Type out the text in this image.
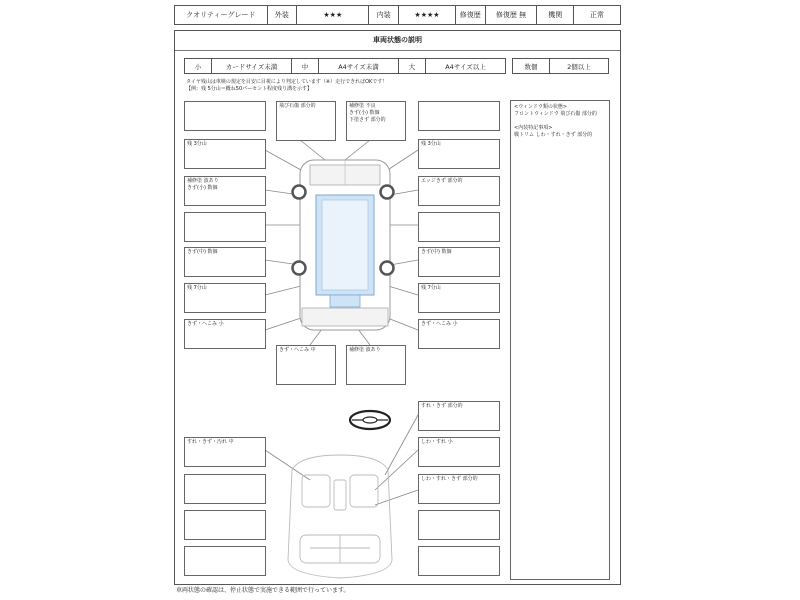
クオリティーグレード	外装	★★★	内装	★★★★	修復歴	修復歴 無	機関	正常
車両状態の説明
小	カードサイズ未満	中	A4サイズ未満	大	A4サイズ以上	数個	2個以上
タイヤ残山は車検の規定を目安に目視により判定しています（※）走行できればOKです！
【例：残 5分山＝概ね50パーセント程度残り溝を示す】
残 3分山
補修塗 波あり
きず(小) 数個
きず(中) 数個
残 7分山
きず・へこみ 小
飛び石傷 部分的	補修塗 不良
きず(小) 数個
下塗さず 部分的
残 3分山
エッジきず 部分的
きず(中) 数個
残 7分山
きず・へこみ 小
きず・へこみ 中	補修塗 波あり
すれ・きず・汚れ 中
すれ・きず 部分的
しわ・すれ 小
しわ・すれ・きず 部分的
<ウィンドウ類の状態>
フロントウィンドウ 飛び石傷 部分的
<内装特記事項>
戦トリム しわ・すれ・きず 部分的
車両状態の確認は、停止状態で実施できる範囲で行っています。
